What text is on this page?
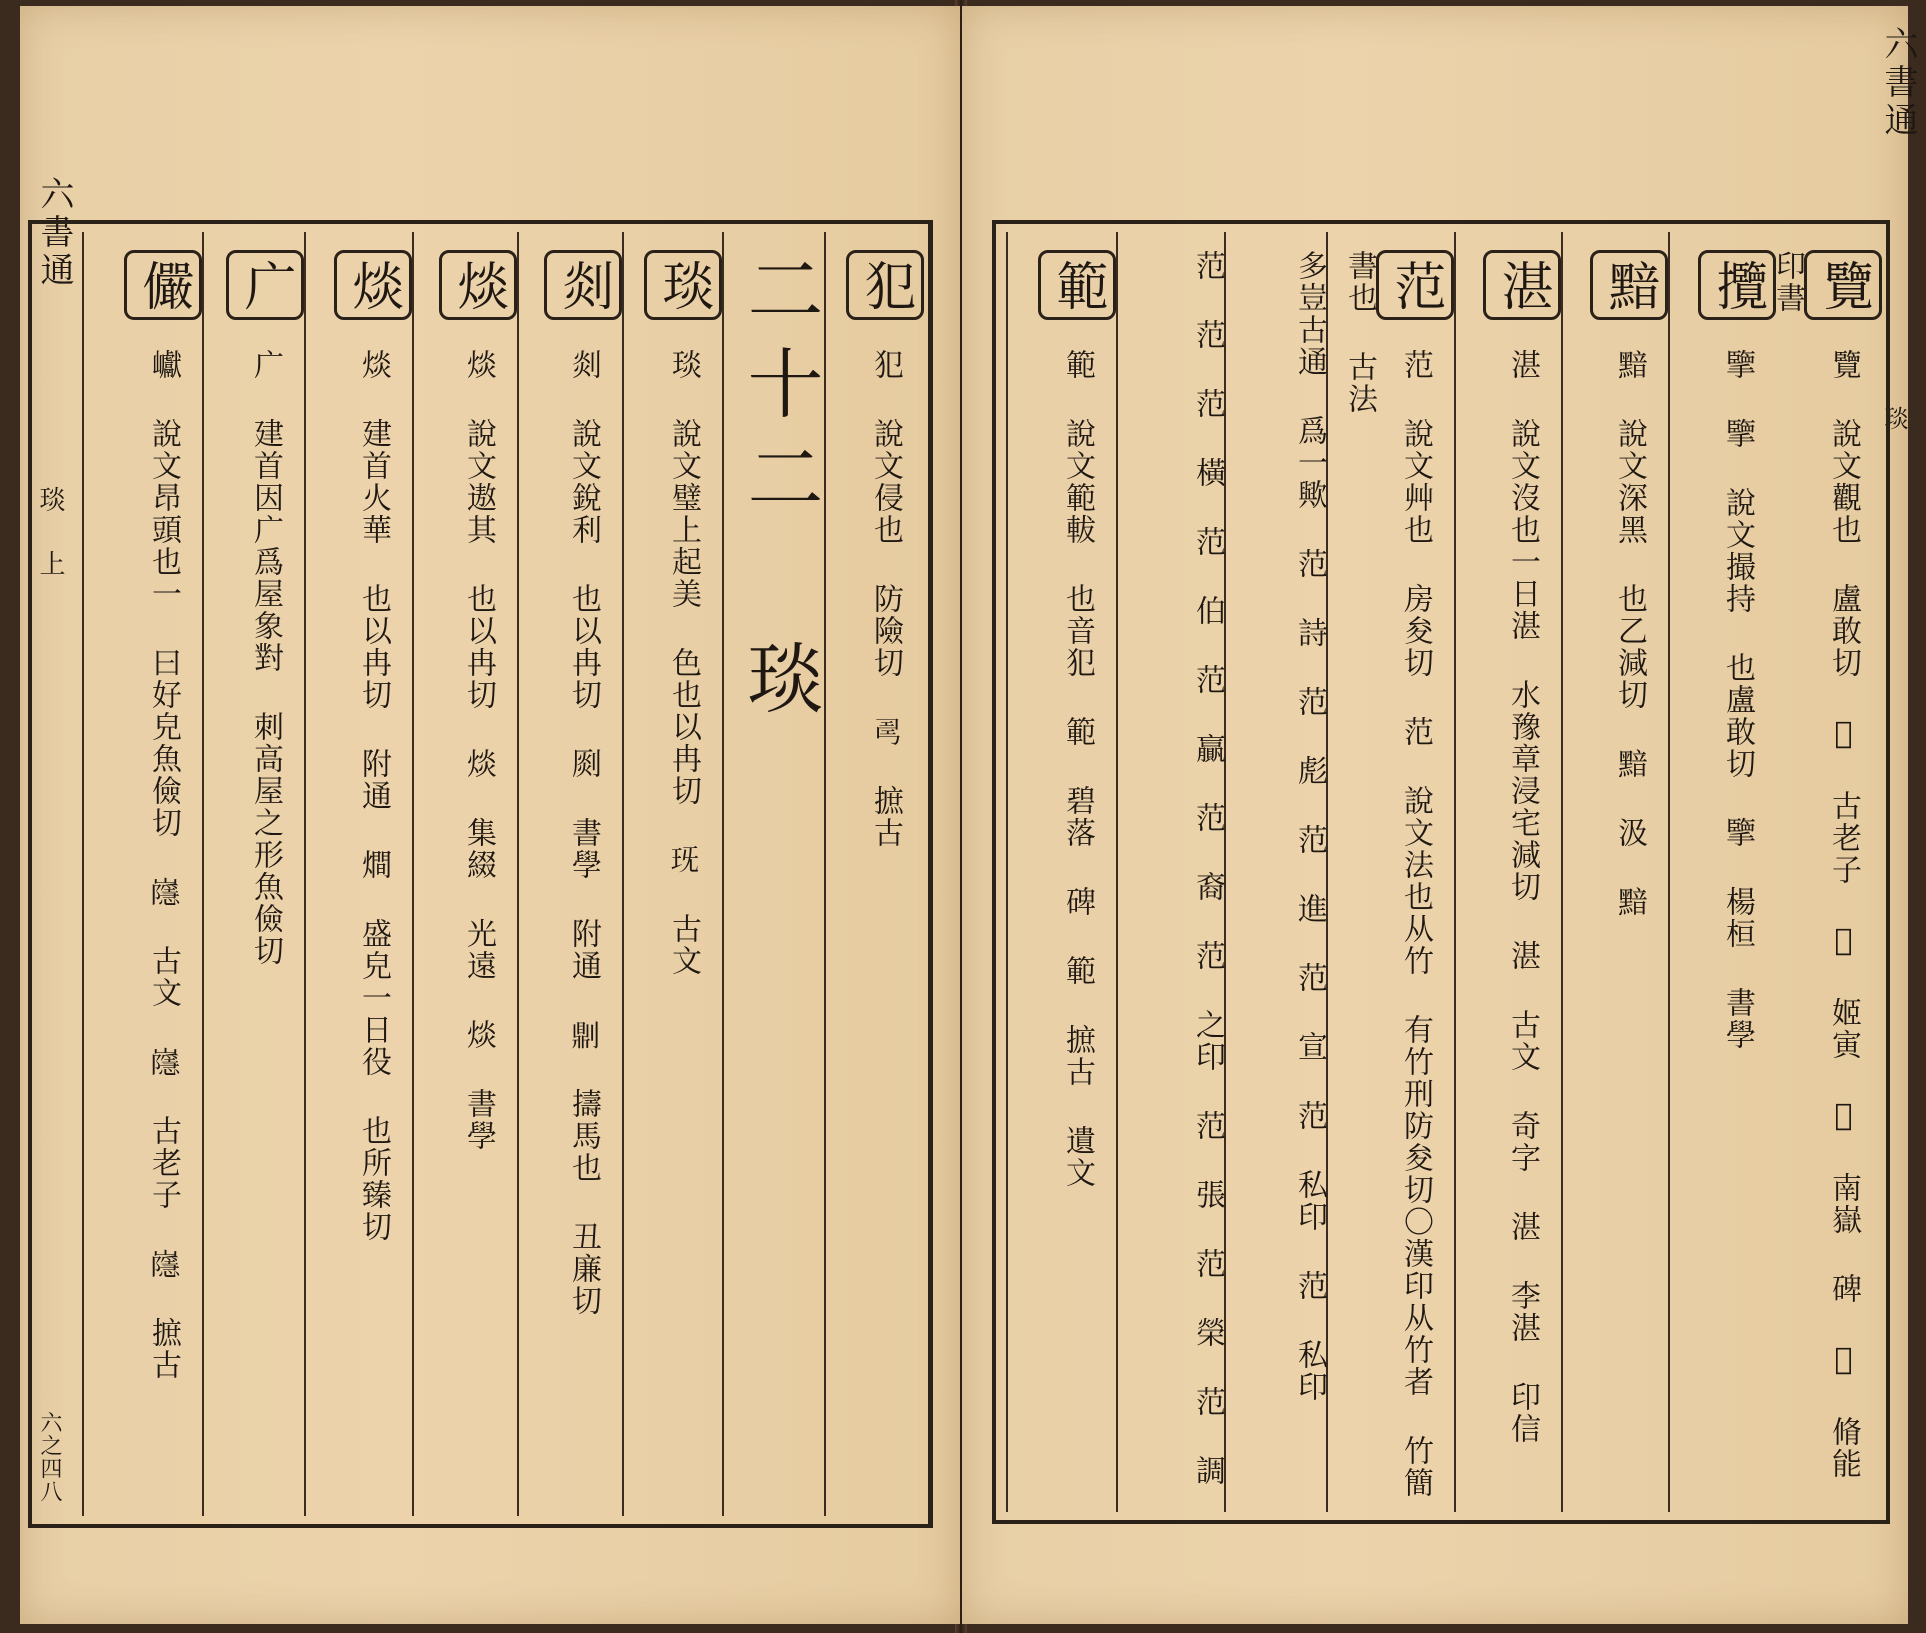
六書通
琰 上
六之四八
犯 犯 說文侵也 防險切 𢏚 摭古
二十二 琰
琰 琰 說文璧上起美 色也以冉切 𤤍 古文
剡 剡 說文銳利 也以冉切 㓹 書學 附通 𠟭 擣馬也 丑廉切
㷋 㷋 說文遨其 也以冉切 㷋 集綴 光遠 㷋 書學
㷋 㷋 建首火華 也以冉切 附通 𤏐 盛皃一日役 也所臻切
广 广 建首因广爲屋象對 刺高屋之形魚儉切
儼 巘 說文昂頭也一 曰好皃魚儉切 𡾯 古文 𡾯 古老子 𡾯 摭古
六書通
琰
覽 覽 說文觀也 盧敢切 𥌒 古老子 𥌒 姬寅 𥌒 南嶽 碑 𥌒 脩能 印書
攬 擥 擥 說文撮持 也盧敢切 擥 楊桓 書學
黯 黯 說文深黑 也乙減切 黯 汲 黯
湛 湛 說文沒也一日湛 水豫章浸宅減切 湛 古文 奇字 湛 李湛 印信
范 范 說文艸也 房夋切 范 說文法也从竹 有竹刑防夋切〇漢印从竹者 竹簡書也 古法
多豈古通 爲一歟 范 詩 范 彪 范 進 范 宣 范 私印 范 私印
范 范 范 橫 范 伯 范 贏 范 裔 范 之印 范 張 范 榮 范 調
範 範 說文範軷 也音犯 範 碧落 碑 範 摭古 遺文
